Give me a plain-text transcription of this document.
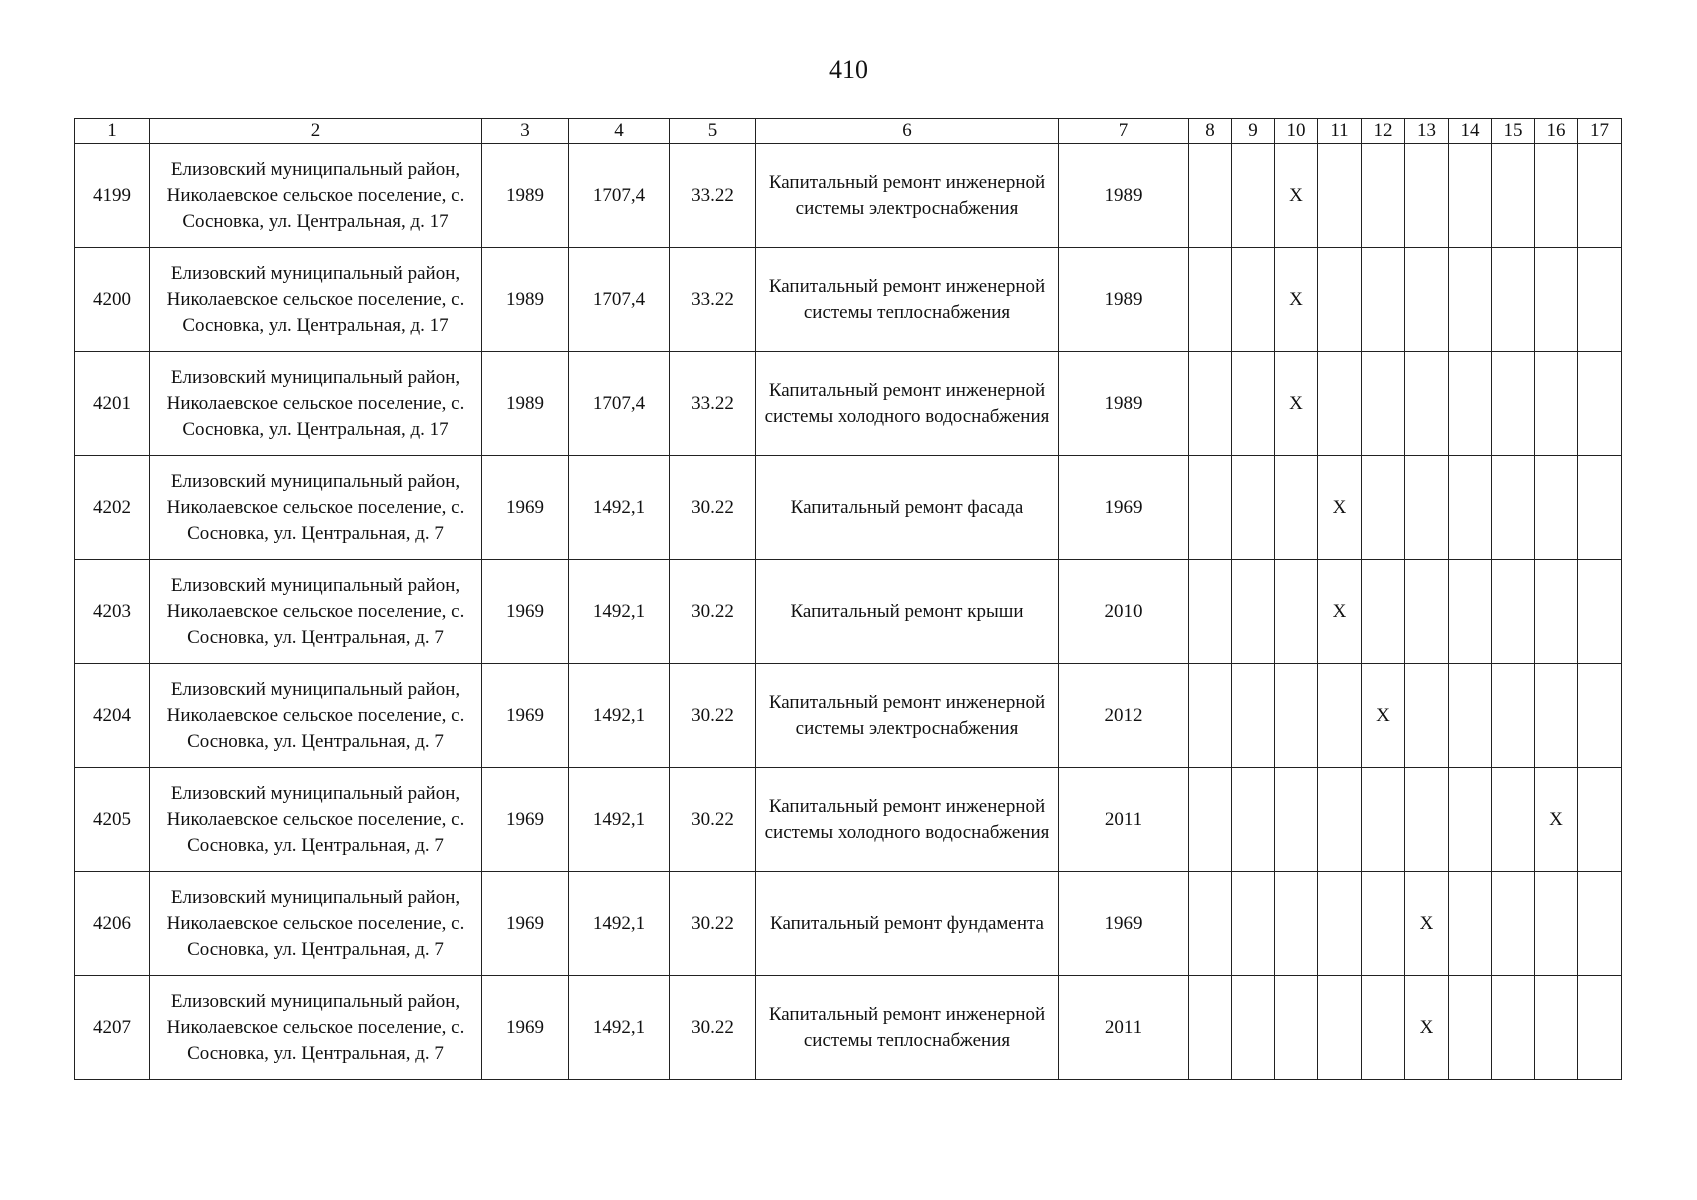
410
1	2	3	4	5	6	7	8	9	10	11	12	13	14	15	16	17
4199	Елизовский муниципальный район, Николаевское сельское поселение, с. Сосновка, ул. Центральная, д. 17	1989	1707,4	33.22	Капитальный ремонт инженерной системы электроснабжения	1989			X							
4200	Елизовский муниципальный район, Николаевское сельское поселение, с. Сосновка, ул. Центральная, д. 17	1989	1707,4	33.22	Капитальный ремонт инженерной системы теплоснабжения	1989			X							
4201	Елизовский муниципальный район, Николаевское сельское поселение, с. Сосновка, ул. Центральная, д. 17	1989	1707,4	33.22	Капитальный ремонт инженерной системы холодного водоснабжения	1989			X							
4202	Елизовский муниципальный район, Николаевское сельское поселение, с. Сосновка, ул. Центральная, д. 7	1969	1492,1	30.22	Капитальный ремонт фасада	1969				X						
4203	Елизовский муниципальный район, Николаевское сельское поселение, с. Сосновка, ул. Центральная, д. 7	1969	1492,1	30.22	Капитальный ремонт крыши	2010				X						
4204	Елизовский муниципальный район, Николаевское сельское поселение, с. Сосновка, ул. Центральная, д. 7	1969	1492,1	30.22	Капитальный ремонт инженерной системы электроснабжения	2012					X					
4205	Елизовский муниципальный район, Николаевское сельское поселение, с. Сосновка, ул. Центральная, д. 7	1969	1492,1	30.22	Капитальный ремонт инженерной системы холодного водоснабжения	2011									X	
4206	Елизовский муниципальный район, Николаевское сельское поселение, с. Сосновка, ул. Центральная, д. 7	1969	1492,1	30.22	Капитальный ремонт фундамента	1969						X				
4207	Елизовский муниципальный район, Николаевское сельское поселение, с. Сосновка, ул. Центральная, д. 7	1969	1492,1	30.22	Капитальный ремонт инженерной системы теплоснабжения	2011						X				
